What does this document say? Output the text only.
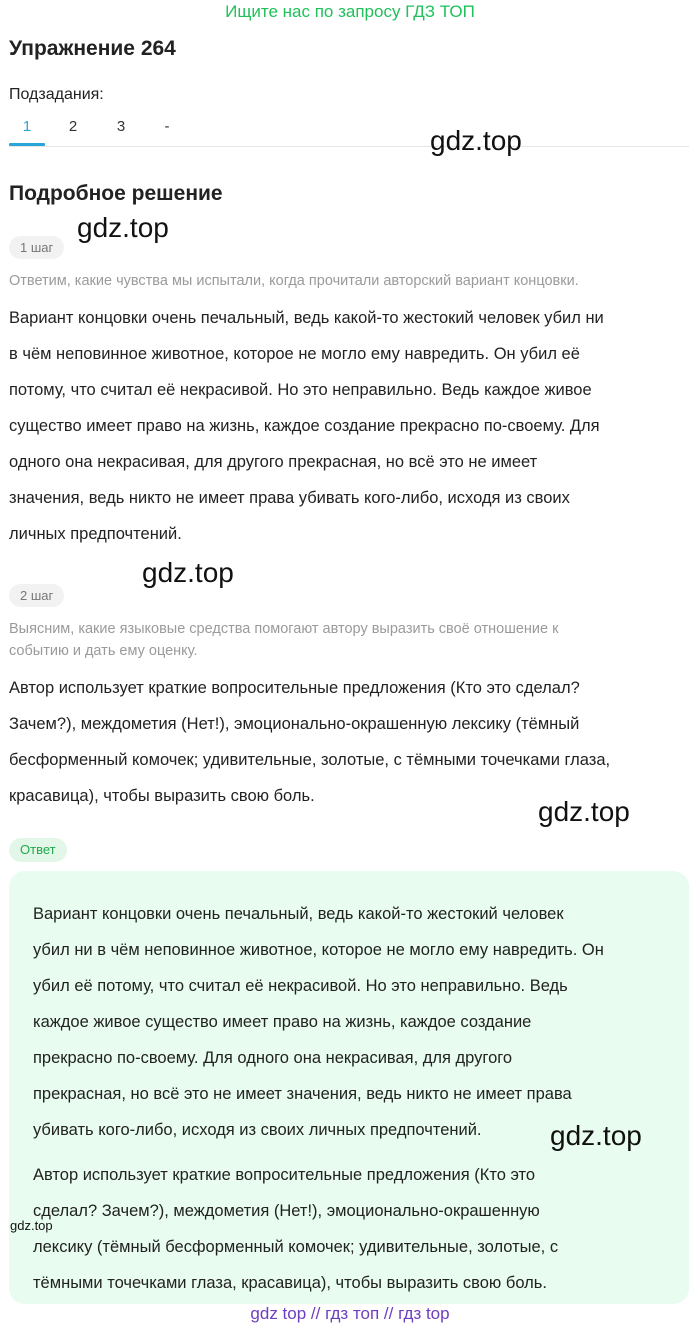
Ищите нас по запросу ГДЗ ТОП
Упражнение 264
Подзадания:
1	2	3	-
Подробное решение
1 шаг
Ответим, какие чувства мы испытали, когда прочитали авторский вариант концовки.
Вариант концовки очень печальный, ведь какой-то жестокий человек убил ни
в чём неповинное животное, которое не могло ему навредить. Он убил её
потому, что считал её некрасивой. Но это неправильно. Ведь каждое живое
существо имеет право на жизнь, каждое создание прекрасно по-своему. Для
одного она некрасивая, для другого прекрасная, но всё это не имеет
значения, ведь никто не имеет права убивать кого-либо, исходя из своих
личных предпочтений.
2 шаг
Выясним, какие языковые средства помогают автору выразить своё отношение к
событию и дать ему оценку.
Автор использует краткие вопросительные предложения (Кто это сделал?
Зачем?), междометия (Нет!), эмоционально-окрашенную лексику (тёмный
бесформенный комочек; удивительные, золотые, с тёмными точечками глаза,
красавица), чтобы выразить свою боль.
Ответ
Вариант концовки очень печальный, ведь какой-то жестокий человек
убил ни в чём неповинное животное, которое не могло ему навредить. Он
убил её потому, что считал её некрасивой. Но это неправильно. Ведь
каждое живое существо имеет право на жизнь, каждое создание
прекрасно по-своему. Для одного она некрасивая, для другого
прекрасная, но всё это не имеет значения, ведь никто не имеет права
убивать кого-либо, исходя из своих личных предпочтений.
Автор использует краткие вопросительные предложения (Кто это
сделал? Зачем?), междометия (Нет!), эмоционально-окрашенную
лексику (тёмный бесформенный комочек; удивительные, золотые, с
тёмными точечками глаза, красавица), чтобы выразить свою боль.
gdz.top
gdz.top
gdz.top
gdz.top
gdz.top
gdz.top
gdz top // гдз топ // гдз top
